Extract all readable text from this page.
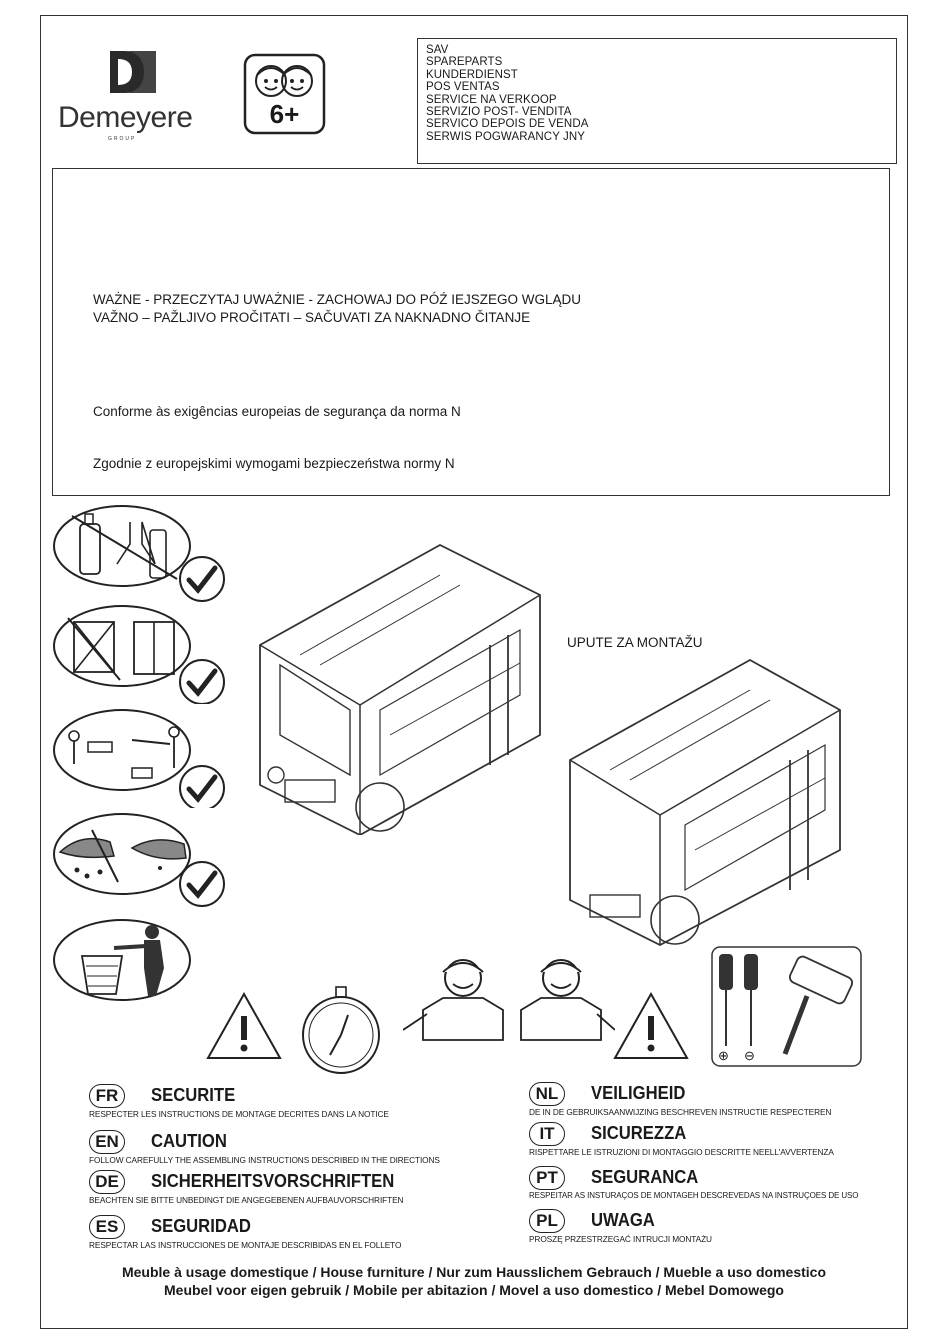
Demeyere
GROUP
6+
SAV
SPAREPARTS
KUNDERDIENST
POS VENTAS
SERVICE NA VERKOOP
SERVIZIO POST- VENDITA
SERVICO DEPOIS DE VENDA
SERWIS POGWARANCY JNY
WAŻNE - PRZECZYTAJ UWAŻNIE - ZACHOWAJ DO PÓŹ IEJSZEGO WGLĄDU
VAŽNO – PAŽLJIVO PROČITATI – SAČUVATI ZA NAKNADNO ČITANJE
Conforme às exigências europeias de segurança da norma N
Zgodnie z europejskimi wymogami bezpieczeństwa normy N
UPUTE ZA MONTAŽU
⊕ ⊖
FR	SECURITE
RESPECTER LES INSTRUCTIONS DE MONTAGE DECRITES DANS LA NOTICE
EN	CAUTION
FOLLOW CAREFULLY THE ASSEMBLING INSTRUCTIONS DESCRIBED IN THE DIRECTIONS
DE	SICHERHEITSVORSCHRIFTEN
BEACHTEN SIE BITTE UNBEDINGT DIE ANGEGEBENEN AUFBAUVORSCHRIFTEN
ES	SEGURIDAD
RESPECTAR LAS INSTRUCCIONES DE MONTAJE DESCRIBIDAS EN EL FOLLETO
NL	VEILIGHEID
DE IN DE GEBRUIKSAANWIJZING BESCHREVEN INSTRUCTIE RESPECTEREN
IT	SICUREZZA
RISPETTARE LE ISTRUZIONI DI MONTAGGIO DESCRITTE NEELL'AVVERTENZA
PT	SEGURANCA
RESPEITAR AS INSTURAÇOS DE MONTAGEH DESCREVEDAS NA INSTRUÇOES DE USO
PL	UWAGA
PROSZĘ PRZESTRZEGAĆ INTRUCJI MONTAŻU
Meuble à usage domestique / House furniture / Nur zum Hausslichem Gebrauch / Mueble a uso domestico
Meubel voor eigen gebruik / Mobile per abitazion / Movel a uso domestico / Mebel Domowego
